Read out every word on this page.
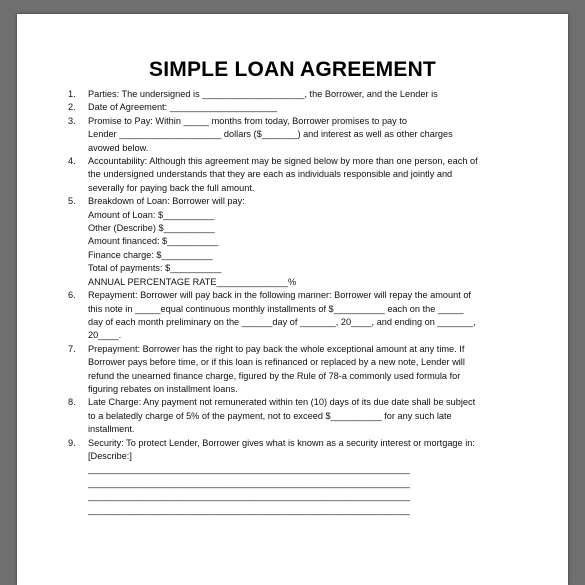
SIMPLE LOAN AGREEMENT
1. Parties: The undersigned is ____________________, the Borrower, and the Lender is
2. Date of Agreement: _____________________
3. Promise to Pay: Within _____ months from today, Borrower promises to pay to
Lender ____________________ dollars ($_______) and interest as well as other charges
avowed below.
4. Accountability: Although this agreement may be signed below by more than one person, each of
the undersigned understands that they are each as individuals responsible and jointly and
severally for paying back the full amount.
5. Breakdown of Loan: Borrower will pay:
Amount of Loan: $__________
Other (Describe) $__________
Amount financed: $__________
Finance charge: $__________
Total of payments: $__________
ANNUAL PERCENTAGE RATE______________%
6. Repayment: Borrower will pay back in the following manner: Borrower will repay the amount of
this note in _____equal continuous monthly installments of $__________ each on the _____
day of each month preliminary on the ______day of _______, 20____, and ending on _______,
20____.
7. Prepayment: Borrower has the right to pay back the whole exceptional amount at any time. If
Borrower pays before time, or if this loan is refinanced or replaced by a new note, Lender will
refund the unearned finance charge, figured by the Rule of 78-a commonly used formula for
figuring rebates on installment loans.
8. Late Charge: Any payment not remunerated within ten (10) days of its due date shall be subject
to a belatedly charge of 5% of the payment, not to exceed $__________ for any such late
installment.
9. Security: To protect Lender, Borrower gives what is known as a security interest or mortgage in:
[Describe:]
_______________________________________________________________
_______________________________________________________________
_______________________________________________________________
_______________________________________________________________
